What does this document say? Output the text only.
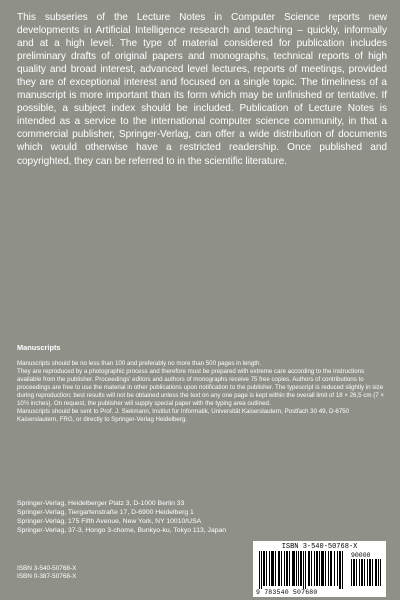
This subseries of the Lecture Notes in Computer Science reports new developments in Artificial Intelligence research and teaching – quickly, informally and at a high level. The type of material considered for publication includes preliminary drafts of original papers and monographs, technical reports of high quality and broad interest, advanced level lectures, reports of meetings, provided they are of exceptional interest and focused on a single topic. The timeliness of a manuscript is more important than its form which may be unfinished or tentative. If possible, a subject index should be included. Publication of Lecture Notes is intended as a service to the international computer science community, in that a commercial publisher, Springer-Verlag, can offer a wide distribution of documents which would otherwise have a restricted readership. Once published and copyrighted, they can be referred to in the scientific literature.
Manuscripts

Manuscripts should be no less than 100 and preferably no more than 500 pages in length.

They are reproduced by a photographic process and therefore must be prepared with extreme care according to the instructions available from the publisher. Proceedings' editors and authors of monographs receive 75 free copies. Authors of contributions to proceedings are free to use the material in other publications upon notification to the publisher. The typescript is reduced slightly in size during reproduction; best results will not be obtained unless the text on any one page is kept within the overall limit of 18 × 26,5 cm (7 × 10½ inches). On request, the publisher will supply special paper with the typing area outlined.

Manuscripts should be sent to Prof. J. Siekmann, Institut fur Informatik, Universität Kaiserslautern, Postfach 30 49, D-6750 Kaiserslautern, FRG, or directly to Springer-Verlag Heidelberg.

Springer-Verlag, Heidelberger Platz 3, D-1000 Berlin 33
Springer-Verlag, Tiergartenstraße 17, D-6900 Heidelberg 1
Springer-Verlag, 175 Fifth Avenue, New York, NY 10010/USA
Springer-Verlag, 37-3, Hongo 3-chome, Bunkyo-ku, Tokyo 113, Japan
ISBN 3-540-50768-X
ISBN 0-387-50768-X
ISBN 3-540-50768-X
90000
9 783540 507680
